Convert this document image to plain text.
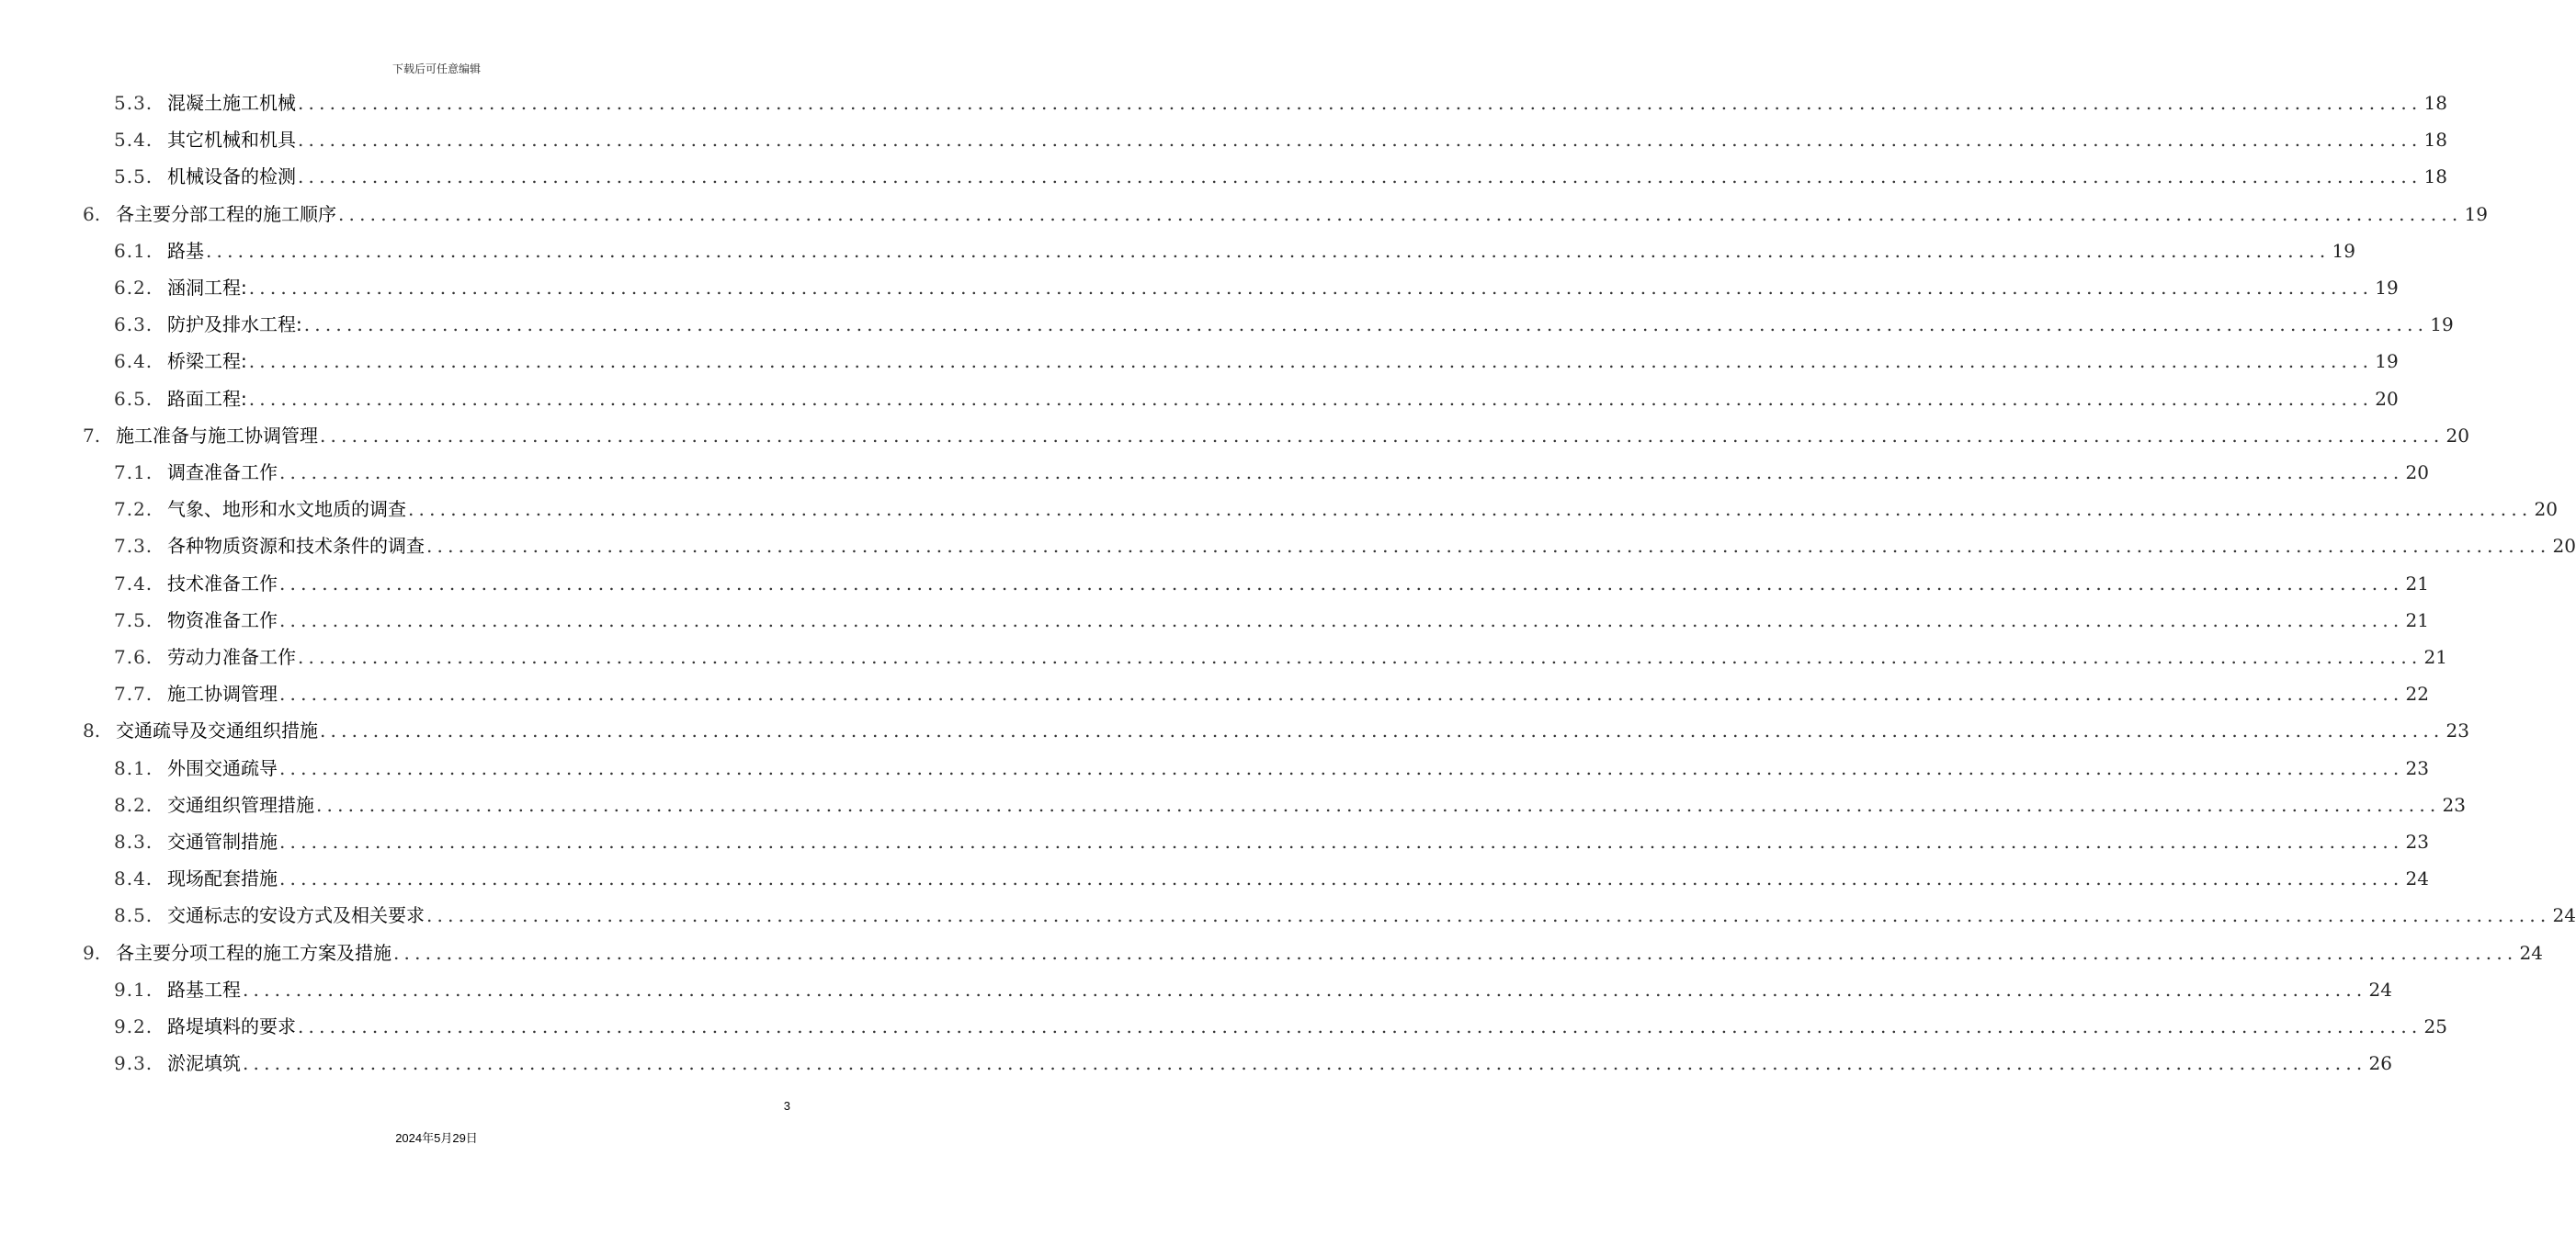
下载后可任意编辑
5.3. 混凝土施工机械 ........................................................................................................................................................................................................ 18
5.4. 其它机械和机具 ........................................................................................................................................................................................................ 18
5.5. 机械设备的检测 ........................................................................................................................................................................................................ 18
6. 各主要分部工程的施工顺序 ........................................................................................................................................................................................................ 19
6.1. 路基 ........................................................................................................................................................................................................ 19
6.2. 涵洞工程: ........................................................................................................................................................................................................ 19
6.3. 防护及排水工程: ........................................................................................................................................................................................................ 19
6.4. 桥梁工程: ........................................................................................................................................................................................................ 19
6.5. 路面工程: ........................................................................................................................................................................................................ 20
7. 施工准备与施工协调管理 ........................................................................................................................................................................................................ 20
7.1. 调查准备工作 ........................................................................................................................................................................................................ 20
7.2. 气象、地形和水文地质的调查 ........................................................................................................................................................................................................ 20
7.3. 各种物质资源和技术条件的调查 ........................................................................................................................................................................................................ 20
7.4. 技术准备工作 ........................................................................................................................................................................................................ 21
7.5. 物资准备工作 ........................................................................................................................................................................................................ 21
7.6. 劳动力准备工作 ........................................................................................................................................................................................................ 21
7.7. 施工协调管理 ........................................................................................................................................................................................................ 22
8. 交通疏导及交通组织措施 ........................................................................................................................................................................................................ 23
8.1. 外围交通疏导 ........................................................................................................................................................................................................ 23
8.2. 交通组织管理措施 ........................................................................................................................................................................................................ 23
8.3. 交通管制措施 ........................................................................................................................................................................................................ 23
8.4. 现场配套措施 ........................................................................................................................................................................................................ 24
8.5. 交通标志的安设方式及相关要求 ........................................................................................................................................................................................................ 24
9. 各主要分项工程的施工方案及措施 ........................................................................................................................................................................................................ 24
9.1. 路基工程 ........................................................................................................................................................................................................ 24
9.2. 路堤填料的要求 ........................................................................................................................................................................................................ 25
9.3. 淤泥填筑 ........................................................................................................................................................................................................ 26
3
2024年5月29日
